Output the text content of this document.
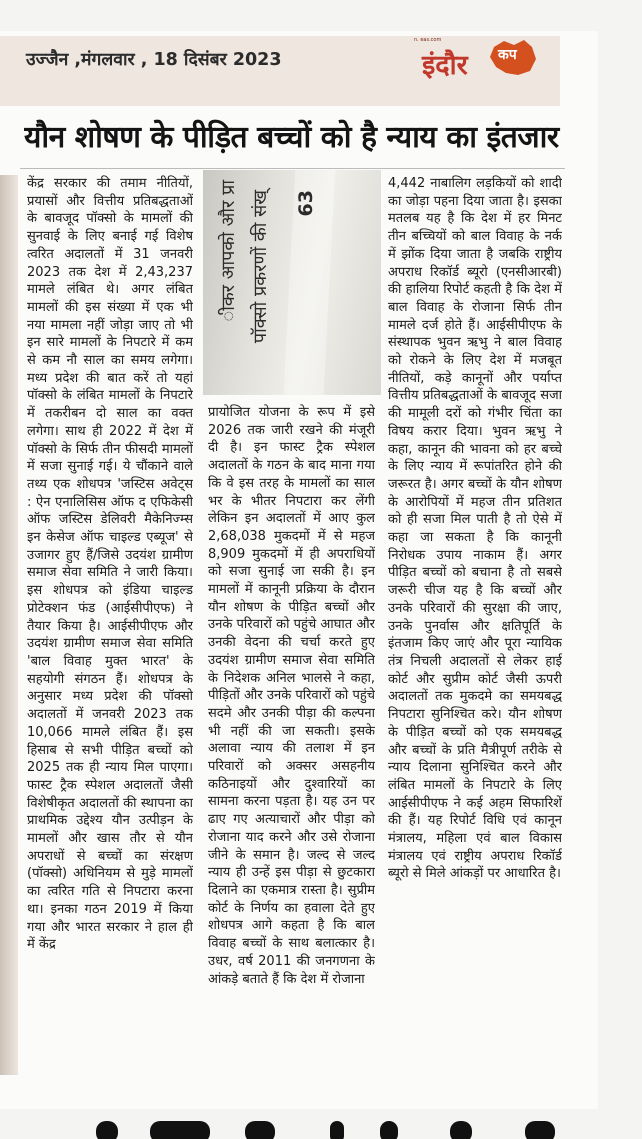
उज्जैन ,मंगलवार , 18 दिसंबर 2023
n. eas.com
इंदौर कप
यौन शोषण के पीड़ित बच्चों को है न्याय का इंतजार

केंद्र सरकार की तमाम नीतियों, प्रयासों और वित्तीय प्रतिबद्धताओं के बावजूद पॉक्सो के मामलों की सुनवाई के लिए बनाई गई विशेष त्वरित अदालतों में 31 जनवरी 2023 तक देश में 2,43,237 मामले लंबित थे। अगर लंबित मामलों की इस संख्या में एक भी नया मामला नहीं जोड़ा जाए तो भी इन सारे मामलों के निपटारे में कम से कम नौ साल का समय लगेगा। मध्य प्रदेश की बात करें तो यहां पॉक्सो के लंबित मामलों के निपटारे में तकरीबन दो साल का वक्त लगेगा। साथ ही 2022 में देश में पॉक्सो के सिर्फ तीन फीसदी मामलों में सजा सुनाई गई। ये चौंकाने वाले तथ्य एक शोधपत्र 'जस्टिस अवेट्स : ऐन एनालिसिस ऑफ द एफिकेसी ऑफ जस्टिस डेलिवरी मैकेनिज्म्स इन केसेज ऑफ चाइल्ड एब्यूज' से उजागर हुए हैं/जिसे उदयंश ग्रामीण समाज सेवा समिति ने जारी किया। इस शोधपत्र को इंडिया चाइल्ड प्रोटेक्शन फंड (आईसीपीएफ) ने तैयार किया है। आईसीपीएफ और उदयंश ग्रामीण समाज सेवा समिति 'बाल विवाह मुक्त भारत' के सहयोगी संगठन हैं। शोधपत्र के अनुसार मध्य प्रदेश की पॉक्सो अदालतों में जनवरी 2023 तक 10,066 मामले लंबित हैं। इस हिसाब से सभी पीड़ित बच्चों को 2025 तक ही न्याय मिल पाएगा। फास्ट ट्रैक स्पेशल अदालतों जैसी विशेषीकृत अदालतों की स्थापना का प्राथमिक उद्देश्य यौन उत्पीड़न के मामलों और खास तौर से यौन अपराधों से बच्चों का संरक्षण (पॉक्सो) अधिनियम से मुड़े मामलों का त्वरित गति से निपटारा करना था। इनका गठन 2019 में किया गया और भारत सरकार ने हाल ही में केंद्र

ीकर आपको और प्रा पॉक्सो प्रकरणों की संख् 63

प्रायोजित योजना के रूप में इसे 2026 तक जारी रखने की मंजूरी दी है। इन फास्ट ट्रैक स्पेशल अदालतों के गठन के बाद माना गया कि वे इस तरह के मामलों का साल भर के भीतर निपटारा कर लेंगी लेकिन इन अदालतों में आए कुल 2,68,038 मुकदमों में से महज 8,909 मुकदमों में ही अपराधियों को सजा सुनाई जा सकी है। इन मामलों में कानूनी प्रक्रिया के दौरान यौन शोषण के पीड़ित बच्चों और उनके परिवारों को पहुंचे आघात और उनकी वेदना की चर्चा करते हुए उदयंश ग्रामीण समाज सेवा समिति के निदेशक अनिल भालसे ने कहा, पीड़ितों और उनके परिवारों को पहुंचे सदमे और उनकी पीड़ा की कल्पना भी नहीं की जा सकती। इसके अलावा न्याय की तलाश में इन परिवारों को अक्सर असहनीय कठिनाइयों और दुश्वारियों का सामना करना पड़ता है। यह उन पर ढाए गए अत्याचारों और पीड़ा को रोजाना याद करने और उसे रोजाना जीने के समान है। जल्द से जल्द न्याय ही उन्हें इस पीड़ा से छुटकारा दिलाने का एकमात्र रास्ता है। सुप्रीम कोर्ट के निर्णय का हवाला देते हुए शोधपत्र आगे कहता है कि बाल विवाह बच्चों के साथ बलात्कार है। उधर, वर्ष 2011 की जनगणना के आंकड़े बताते हैं कि देश में रोजाना

4,442 नाबालिग लड़कियों को शादी का जोड़ा पहना दिया जाता है। इसका मतलब यह है कि देश में हर मिनट तीन बच्चियों को बाल विवाह के नर्क में झोंक दिया जाता है जबकि राष्ट्रीय अपराध रिकॉर्ड ब्यूरो (एनसीआरबी) की हालिया रिपोर्ट कहती है कि देश में बाल विवाह के रोजाना सिर्फ तीन मामले दर्ज होते हैं। आईसीपीएफ के संस्थापक भुवन ऋभु ने बाल विवाह को रोकने के लिए देश में मजबूत नीतियों, कड़े कानूनों और पर्याप्त वित्तीय प्रतिबद्धताओं के बावजूद सजा की मामूली दरों को गंभीर चिंता का विषय करार दिया। भुवन ऋभु ने कहा, कानून की भावना को हर बच्चे के लिए न्याय में रूपांतरित होने की जरूरत है। अगर बच्चों के यौन शोषण के आरोपियों में महज तीन प्रतिशत को ही सजा मिल पाती है तो ऐसे में कहा जा सकता है कि कानूनी निरोधक उपाय नाकाम हैं। अगर पीड़ित बच्चों को बचाना है तो सबसे जरूरी चीज यह है कि बच्चों और उनके परिवारों की सुरक्षा की जाए, उनके पुनर्वास और क्षतिपूर्ति के इंतजाम किए जाएं और पूरा न्यायिक तंत्र निचली अदालतों से लेकर हाई कोर्ट और सुप्रीम कोर्ट जैसी ऊपरी अदालतों तक मुकदमे का समयबद्ध निपटारा सुनिश्चित करे। यौन शोषण के पीड़ित बच्चों को एक समयबद्ध और बच्चों के प्रति मैत्रीपूर्ण तरीके से न्याय दिलाना सुनिश्चित करने और लंबित मामलों के निपटारे के लिए आईसीपीएफ ने कई अहम सिफारिशें की हैं। यह रिपोर्ट विधि एवं कानून मंत्रालय, महिला एवं बाल विकास मंत्रालय एवं राष्ट्रीय अपराध रिकॉर्ड ब्यूरो से मिले आंकड़ों पर आधारित है।
